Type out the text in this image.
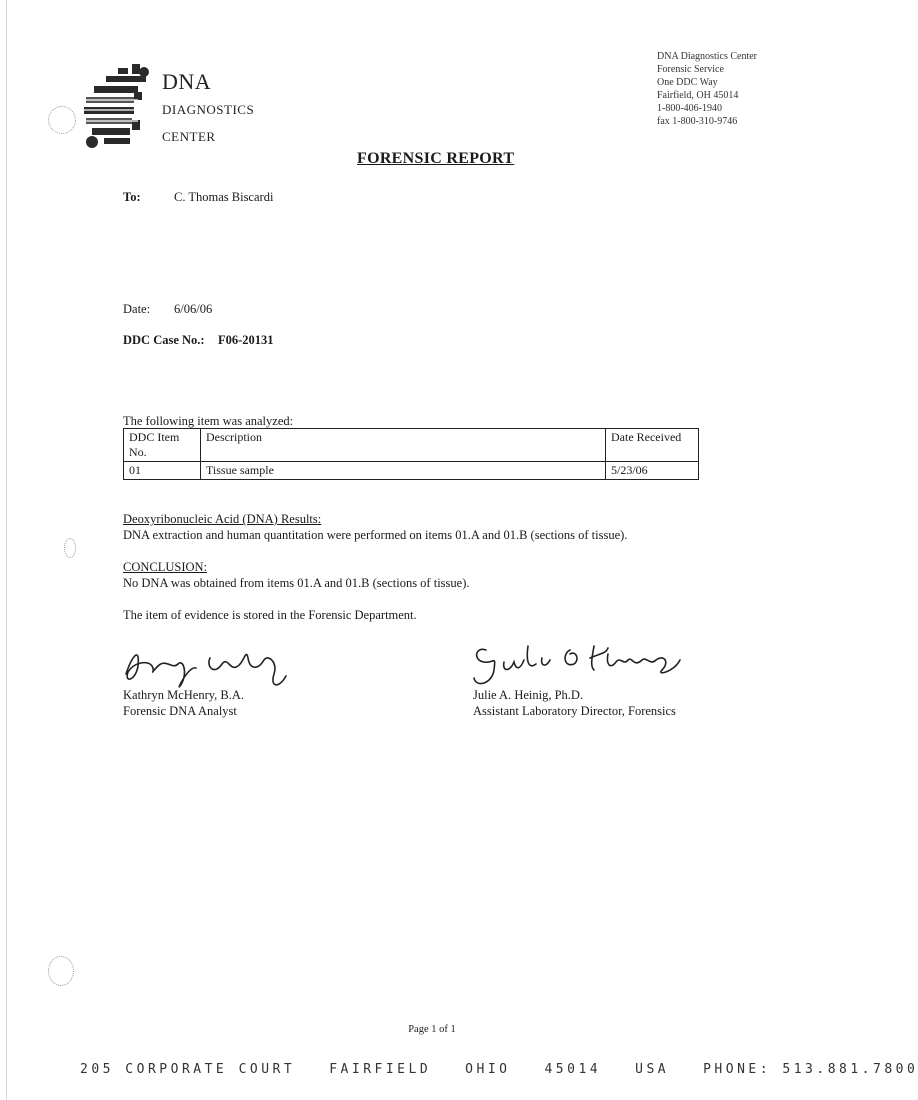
DNA
diagnostics
center
DNA Diagnostics Center
Forensic Service
One DDC Way
Fairfield, OH 45014
1-800-406-1940
fax 1-800-310-9746
FORENSIC REPORT
To:	C. Thomas Biscardi
Date: 6/06/06
DDC Case No.: F06-20131
The following item was analyzed:
DDC Item No.	Description	Date Received
01	Tissue sample	5/23/06
Deoxyribonucleic Acid (DNA) Results:
DNA extraction and human quantitation were performed on items 01.A and 01.B (sections of tissue).
CONCLUSION:
No DNA was obtained from items 01.A and 01.B (sections of tissue).
The item of evidence is stored in the Forensic Department.
Kathryn McHenry, B.A.
Forensic DNA Analyst
Julie A. Heinig, Ph.D.
Assistant Laboratory Director, Forensics
Page 1 of 1
205 CORPORATE COURT	FAIRFIELD	OHIO	45014	USA	PHONE: 513.881.7800
